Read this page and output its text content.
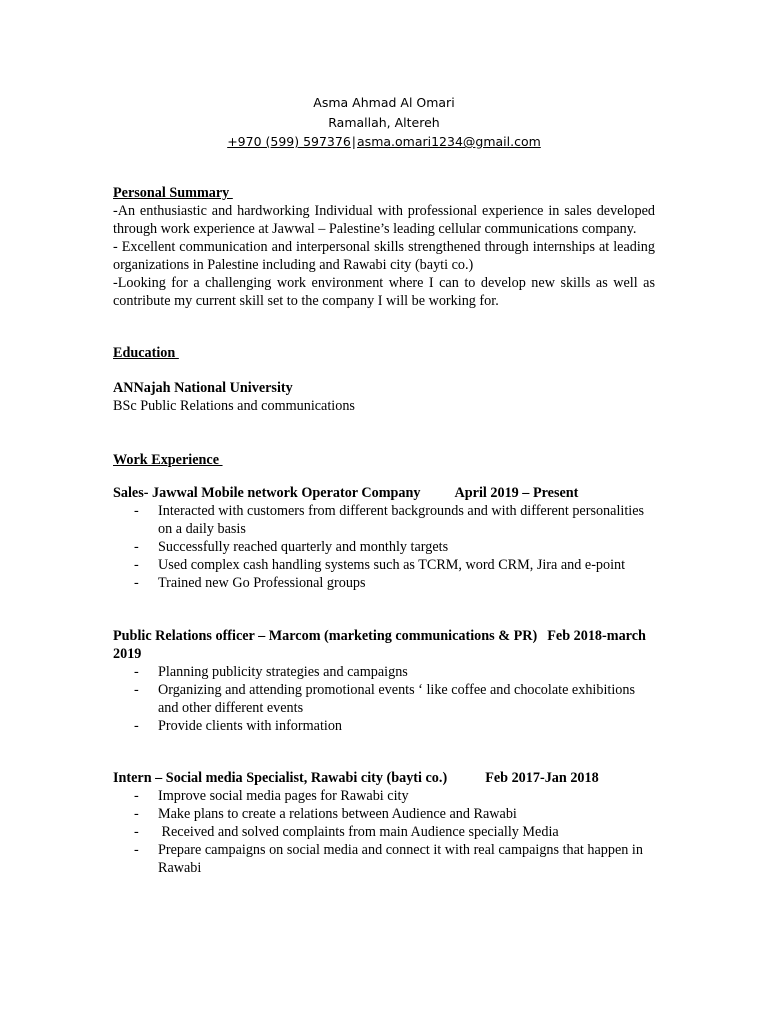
Asma Ahmad Al Omari
Ramallah, Altereh
+970 (599) 597376|asma.omari1234@gmail.com
Personal Summary

-An enthusiastic and hardworking Individual with professional experience in sales developed through work experience at Jawwal – Palestine’s leading cellular communications company.

- Excellent communication and interpersonal skills strengthened through internships at leading organizations in Palestine including and Rawabi city (bayti co.)

-Looking for a challenging work environment where I can to develop new skills as well as contribute my current skill set to the company I will be working for.

Education
ANNajah National University
BSc Public Relations and communications
Work Experience
Sales- Jawwal Mobile network Operator Company April 2019 – Present
- Interacted with customers from different backgrounds and with different personalities on a daily basis
- Successfully reached quarterly and monthly targets
- Used complex cash handling systems such as TCRM, word CRM, Jira and e-point
- Trained new Go Professional groups
Public Relations officer – Marcom (marketing communications & PR) Feb 2018-march 2019
- Planning publicity strategies and campaigns
- Organizing and attending promotional events ‘ like coffee and chocolate exhibitions and other different events
- Provide clients with information
Intern – Social media Specialist, Rawabi city (bayti co.)	Feb 2017-Jan 2018
- Improve social media pages for Rawabi city
- Make plans to create a relations between Audience and Rawabi
-  Received and solved complaints from main Audience specially Media
- Prepare campaigns on social media and connect it with real campaigns that happen in Rawabi
